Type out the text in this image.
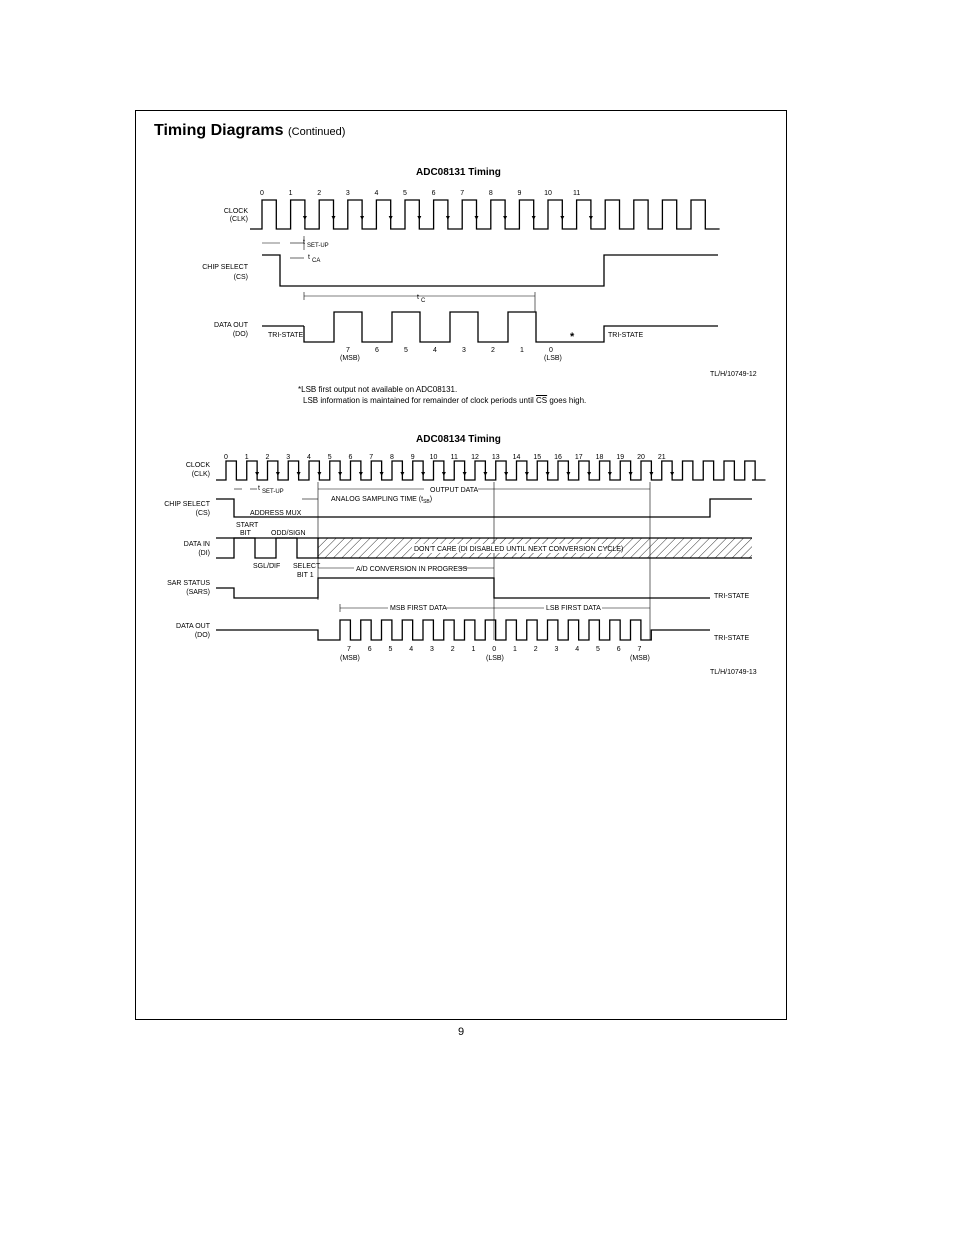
Timing Diagrams (Continued)
ADC08131 Timing
ADC08134 Timing
TL/H/10749-12
TL/H/10749-13
*LSB first output not available on ADC08131.
LSB information is maintained for remainder of clock periods until $\overline{CS}$ goes high.
9
CLOCK
(CLK)
CHIP SELECT
(CS)
DATA OUT
(DO)
0	1	2	3	4	5	6	7	8	9	10	11
t SET-UP
t CA
t C
TRI-STATE	TRI-STATE
*
7	6	5	4	3	2	1	0
(MSB)	(LSB)
CLOCK
(CLK)
CHIP SELECT
(CS)
DATA IN
(DI)
SAR STATUS
(SARS)
DATA OUT
(DO)
0 1 2 3 4 5 6 7 8 9 10 11 12 13 14 15 16 17 18 19 20 21
t SET-UP
ANALOG SAMPLING TIME $(t_{SB})$
OUTPUT DATA
ADDRESS MUX
DON'T CARE (DI DISABLED UNTIL NEXT CONVERSION CYCLE)
START
BIT	ODD/SIGN
SGL/DIF SELECT
BIT 1
A/D CONVERSION IN PROGRESS
TRI-STATE
MSB FIRST DATA	LSB FIRST DATA
TRI-STATE
7 6 5 4 3 2 1 0 1 2 3 4 5 6 7
(MSB)	(LSB)	(MSB)
